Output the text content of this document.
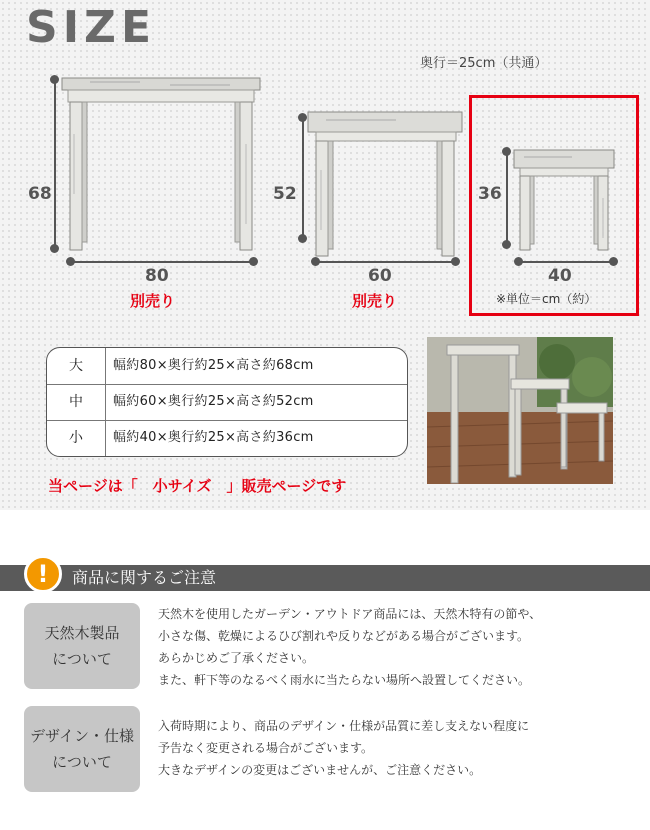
SIZE
奥行＝25cm（共通）
68
80
別売り
52
60
別売り
36
40
※単位＝cm（約）
大	幅約80×奥行約25×高さ約68cm
中	幅約60×奥行約25×高さ約52cm
小	幅約40×奥行約25×高さ約36cm
当ページは「　小サイズ　」販売ページです
!	商品に関するご注意
天然木製品
について
天然木を使用したガーデン・アウトドア商品には、天然木特有の節や、
小さな傷、乾燥によるひび割れや反りなどがある場合がございます。
あらかじめご了承ください。
また、軒下等のなるべく雨水に当たらない場所へ設置してください。
デザイン・仕様
について
入荷時期により、商品のデザイン・仕様が品質に差し支えない程度に
予告なく変更される場合がございます。
大きなデザインの変更はございませんが、ご注意ください。
